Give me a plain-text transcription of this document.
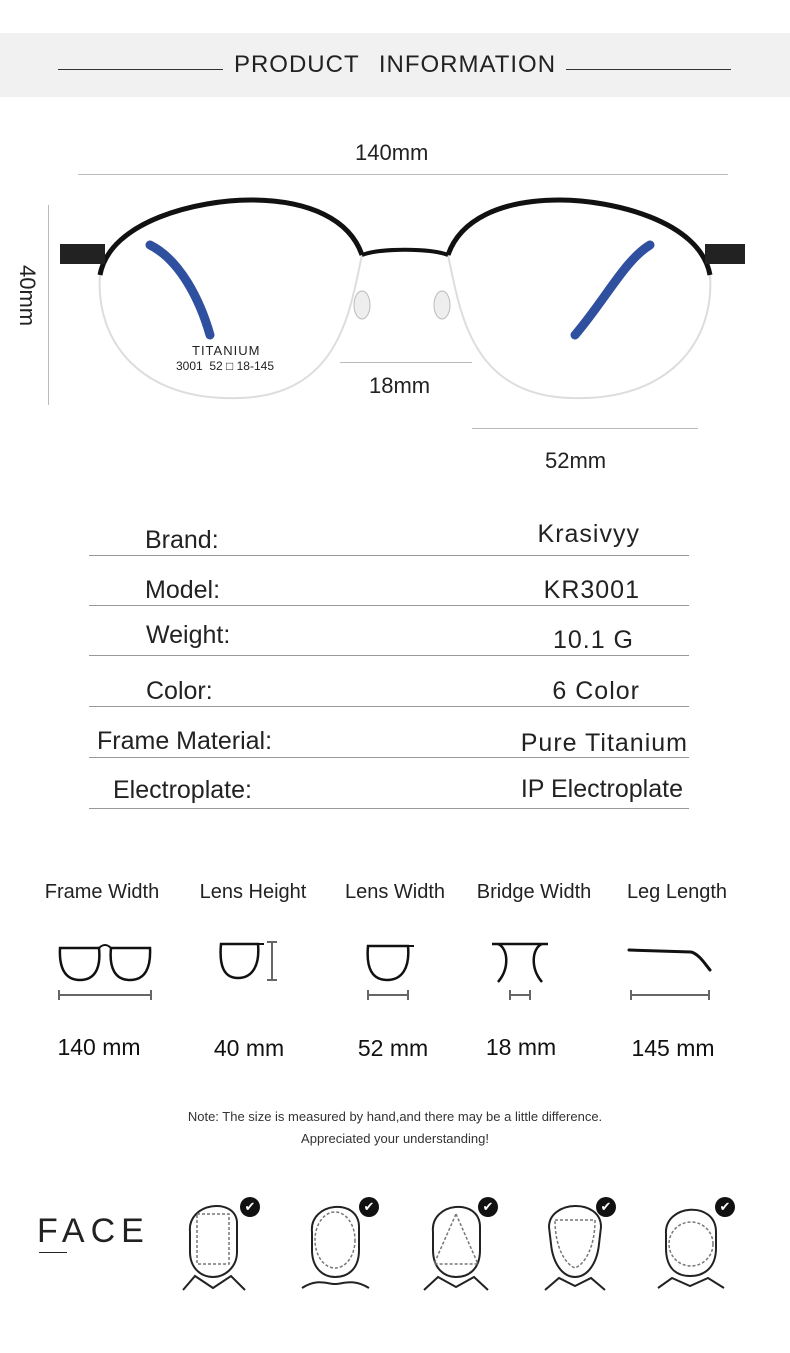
PRODUCT INFORMATION
140mm
40mm
TITANIUM
3001  52 □ 18-145
18mm
52mm
Brand:	Krasivyy
Model:	KR3001
Weight:	10.1 G
Color:	6 Color
Frame Material:	Pure Titanium
Electroplate:	IP Electroplate
Frame Width	Lens Height	Lens Width	Bridge Width	Leg Length
140 mm	40 mm	52 mm	18 mm	145 mm
Note: The size is measured by hand,and there may be a little difference.
Appreciated your understanding!
FACE
✔	✔	✔	✔	✔
